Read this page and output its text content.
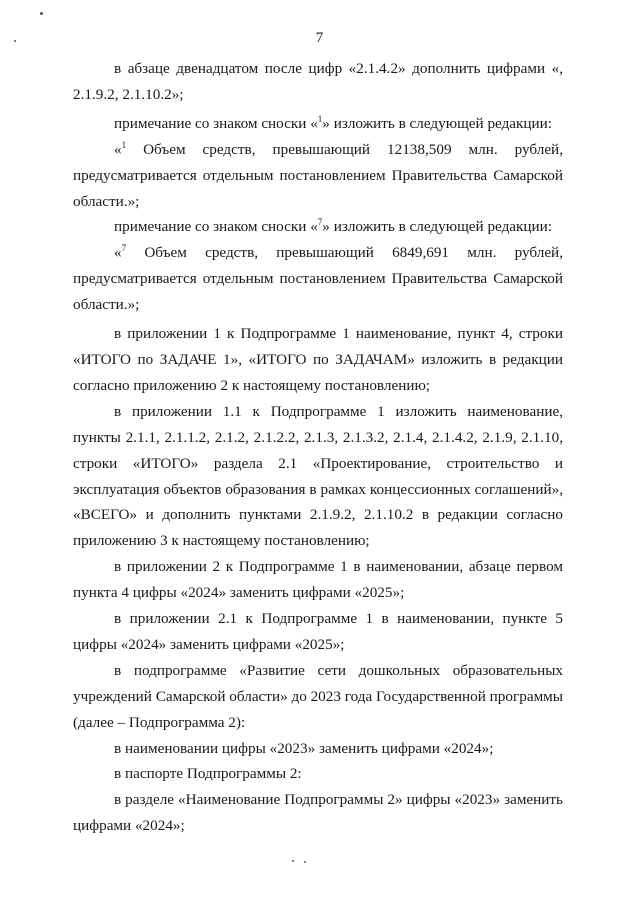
7

в абзаце двенадцатом после цифр «2.1.4.2» дополнить цифрами «, 2.1.9.2, 2.1.10.2»;

примечание со знаком сноски «$^1$» изложить в следующей редакции:

«$^1$ Объем средств, превышающий 12138,509 млн. рублей, предусматривается отдельным постановлением Правительства Самарской области.»;

примечание со знаком сноски «$^7$» изложить в следующей редакции:

«$^7$ Объем средств, превышающий 6849,691 млн. рублей, предусматривается отдельным постановлением Правительства Самарской области.»;

в приложении 1 к Подпрограмме 1 наименование, пункт 4, строки «ИТОГО по ЗАДАЧЕ 1», «ИТОГО по ЗАДАЧАМ» изложить в редакции согласно приложению 2 к настоящему постановлению;

в приложении 1.1 к Подпрограмме 1 изложить наименование, пункты 2.1.1, 2.1.1.2, 2.1.2, 2.1.2.2, 2.1.3, 2.1.3.2, 2.1.4, 2.1.4.2, 2.1.9, 2.1.10, строки «ИТОГО» раздела 2.1 «Проектирование, строительство и эксплуатация объектов образования в рамках концессионных соглашений», «ВСЕГО» и дополнить пунктами 2.1.9.2, 2.1.10.2 в редакции согласно приложению 3 к настоящему постановлению;

в приложении 2 к Подпрограмме 1 в наименовании, абзаце первом пункта 4 цифры «2024» заменить цифрами «2025»;

в приложении 2.1 к Подпрограмме 1 в наименовании, пункте 5 цифры «2024» заменить цифрами «2025»;

в подпрограмме «Развитие сети дошкольных образовательных учреждений Самарской области» до 2023 года Государственной программы (далее – Подпрограмма 2):

в наименовании цифры «2023» заменить цифрами «2024»;

в паспорте Подпрограммы 2:

в разделе «Наименование Подпрограммы 2» цифры «2023» заменить цифрами «2024»;
